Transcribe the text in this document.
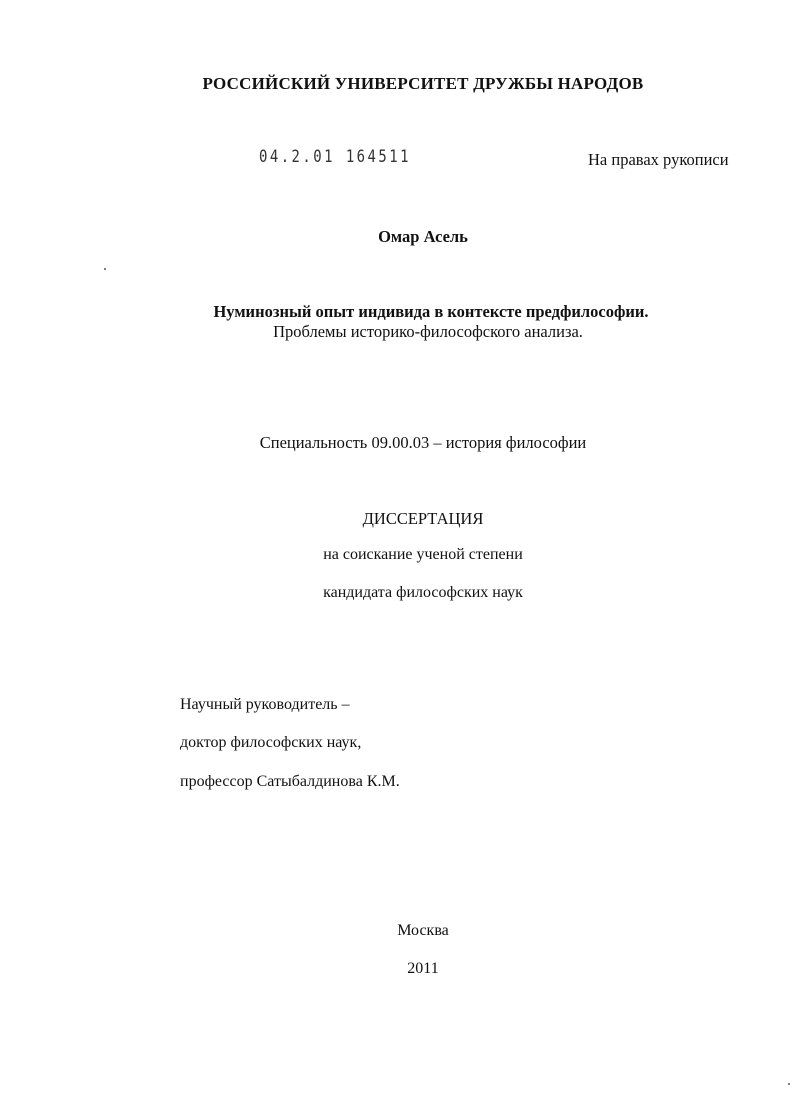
РОССИЙСКИЙ УНИВЕРСИТЕТ ДРУЖБЫ НАРОДОВ
04.2.01 164511	На правах рукописи
Омар Асель
Нуминозный опыт индивида в контексте предфилософии.
Проблемы историко-философского анализа.
Специальность 09.00.03 – история философии
ДИССЕРТАЦИЯ
на соискание ученой степени
кандидата философских наук
Научный руководитель –
доктор философских наук,
профессор Сатыбалдинова К.М.
Москва
2011
